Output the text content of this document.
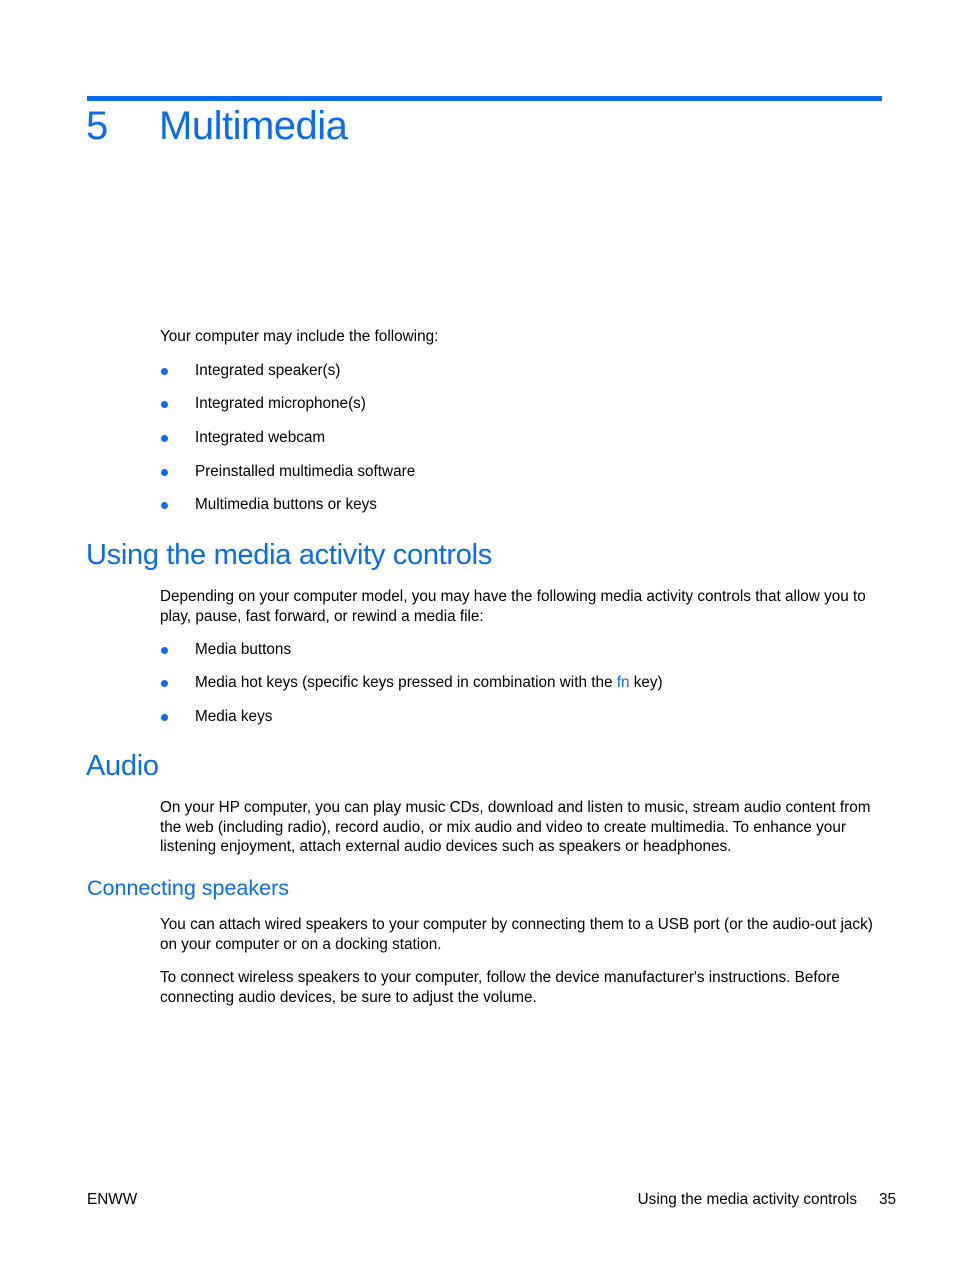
5 Multimedia
Your computer may include the following:
Integrated speaker(s)
Integrated microphone(s)
Integrated webcam
Preinstalled multimedia software
Multimedia buttons or keys
Using the media activity controls
Depending on your computer model, you may have the following media activity controls that allow you to play, pause, fast forward, or rewind a media file:
Media buttons
Media hot keys (specific keys pressed in combination with the fn key)
Media keys
Audio
On your HP computer, you can play music CDs, download and listen to music, stream audio content from the web (including radio), record audio, or mix audio and video to create multimedia. To enhance your listening enjoyment, attach external audio devices such as speakers or headphones.
Connecting speakers
You can attach wired speakers to your computer by connecting them to a USB port (or the audio-out jack) on your computer or on a docking station.
To connect wireless speakers to your computer, follow the device manufacturer's instructions. Before connecting audio devices, be sure to adjust the volume.
ENWW	Using the media activity controls 35
